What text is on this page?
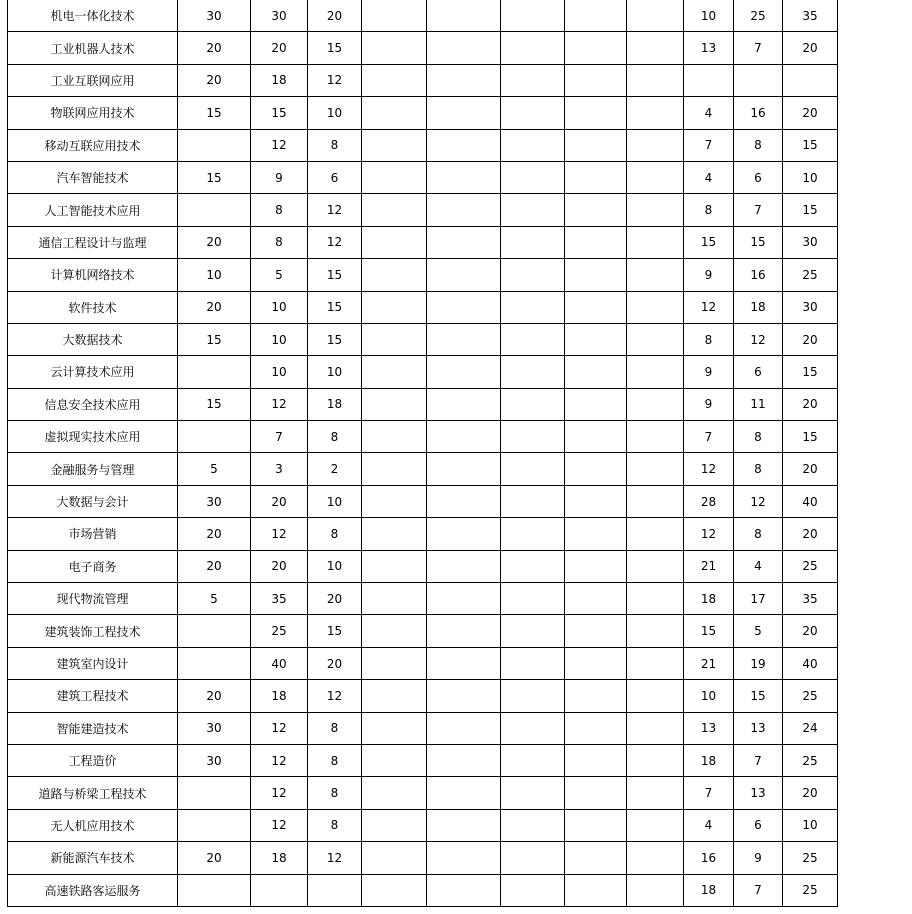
机电一体化技术	30	30	20						10	25	35
工业机器人技术	20	20	15						13	7	20
工业互联网应用	20	18	12								
物联网应用技术	15	15	10						4	16	20
移动互联应用技术		12	8						7	8	15
汽车智能技术	15	9	6						4	6	10
人工智能技术应用		8	12						8	7	15
通信工程设计与监理	20	8	12						15	15	30
计算机网络技术	10	5	15						9	16	25
软件技术	20	10	15						12	18	30
大数据技术	15	10	15						8	12	20
云计算技术应用		10	10						9	6	15
信息安全技术应用	15	12	18						9	11	20
虚拟现实技术应用		7	8						7	8	15
金融服务与管理	5	3	2						12	8	20
大数据与会计	30	20	10						28	12	40
市场营销	20	12	8						12	8	20
电子商务	20	20	10						21	4	25
现代物流管理	5	35	20						18	17	35
建筑装饰工程技术		25	15						15	5	20
建筑室内设计		40	20						21	19	40
建筑工程技术	20	18	12						10	15	25
智能建造技术	30	12	8						13	13	24
工程造价	30	12	8						18	7	25
道路与桥梁工程技术		12	8						7	13	20
无人机应用技术		12	8						4	6	10
新能源汽车技术	20	18	12						16	9	25
高速铁路客运服务									18	7	25
